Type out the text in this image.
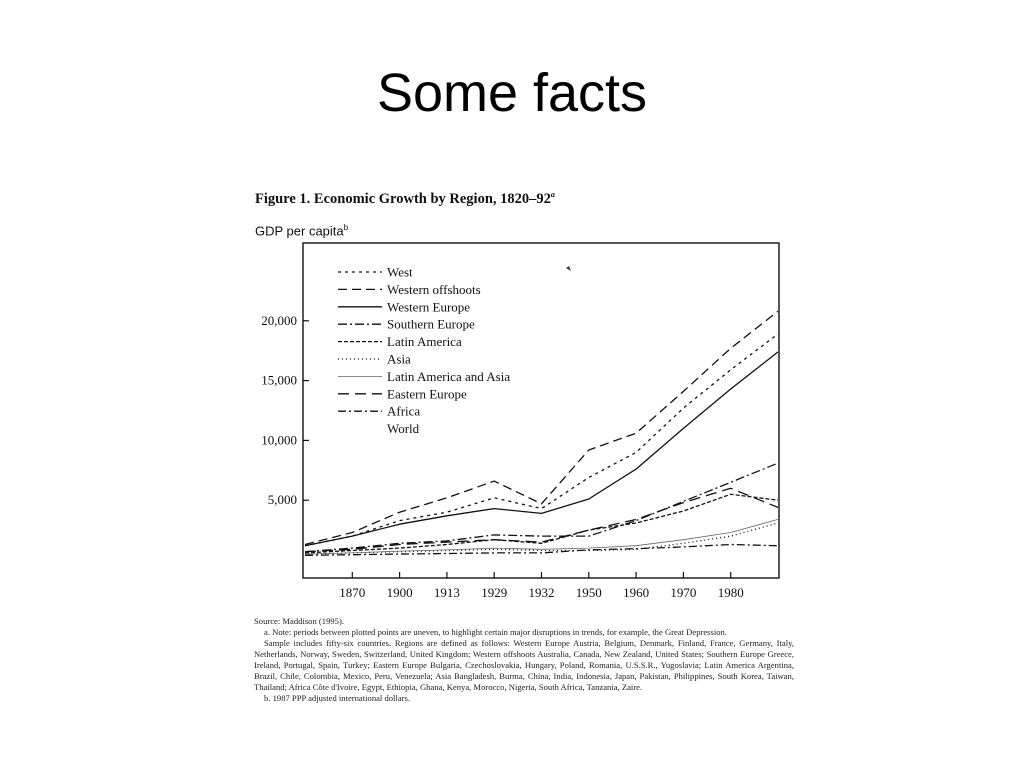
Some facts
Figure 1. Economic Growth by Region, 1820–92$^a$
GDP per capita$^b$
5,000
10,000
15,000
20,000
1870 1900 1913 1929 1932 1950 1960 1970 1980
West
Western offshoots
Western Europe
Southern Europe
Latin America
Asia
Latin America and Asia
Eastern Europe
Africa
World
Source: Maddison (1995).
a. Note: periods between plotted points are uneven, to highlight certain major disruptions in trends, for example, the Great Depression.
Sample includes fifty-six countries. Regions are defined as follows: Western Europe Austria, Belgium, Denmark, Finland, France, Germany, Italy, Netherlands, Norway, Sweden, Switzerland, United Kingdom; Western offshoots Australia, Canada, New Zealand, United States; Southern Europe Greece, Ireland, Portugal, Spain, Turkey; Eastern Europe Bulgaria, Czechoslovakia, Hungary, Poland, Romania, U.S.S.R., Yugoslavia; Latin America Argentina, Brazil, Chile, Colombia, Mexico, Peru, Venezuela; Asia Bangladesh, Burma, China, India, Indonesia, Japan, Pakistan, Philippines, South Korea, Taiwan, Thailand; Africa Côte d'Ivoire, Egypt, Ethiopia, Ghana, Kenya, Morocco, Nigeria, South Africa, Tanzania, Zaire.
b. 1987 PPP adjusted international dollars.
